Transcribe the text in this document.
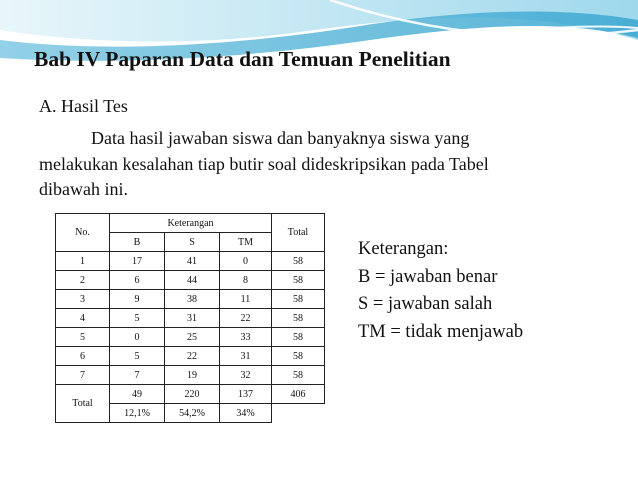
Bab IV Paparan Data dan Temuan Penelitian
A. Hasil Tes
Data hasil jawaban siswa dan banyaknya siswa yang
melakukan kesalahan tiap butir soal dideskripsikan pada Tabel
dibawah ini.
No.	Keterangan			Total
	B	S	TM	
1	17	41	0	58
2	6	44	8	58
3	9	38	11	58
4	5	31	22	58
5	0	25	33	58
6	5	22	31	58
7	7	19	32	58
Total	49	220	137	406
	12,1%	54,2%	34%	
Keterangan:
B = jawaban benar
S = jawaban salah
TM = tidak menjawab
